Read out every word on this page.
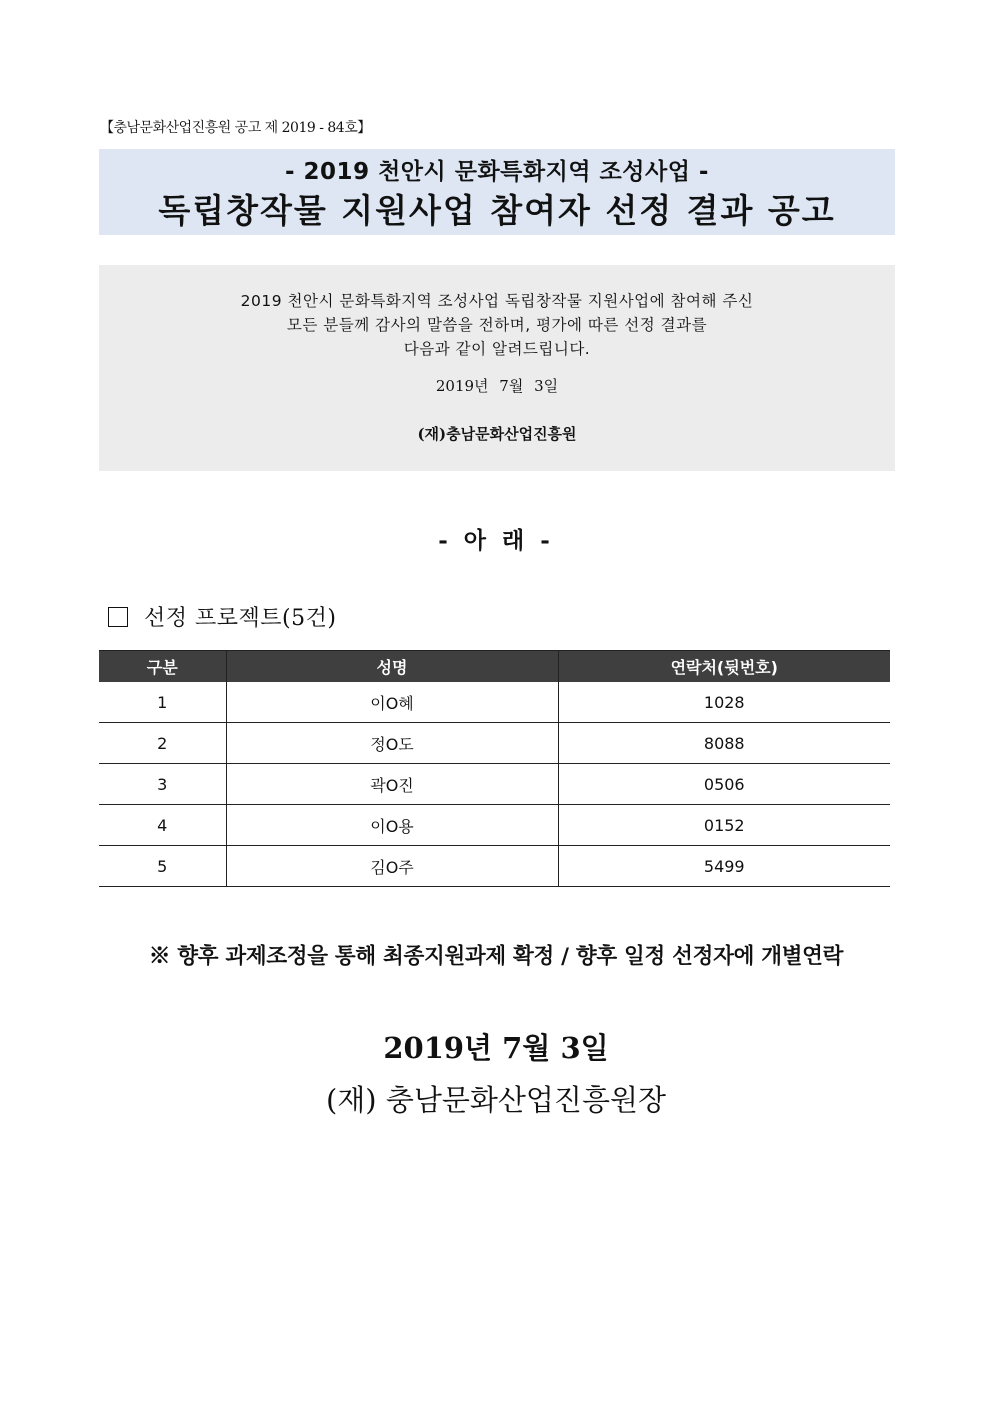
【충남문화산업진흥원 공고 제 2019 - 84호】
- 2019 천안시 문화특화지역 조성사업 -
독립창작물 지원사업 참여자 선정 결과 공고
2019 천안시 문화특화지역 조성사업 독립창작물 지원사업에 참여해 주신
모든 분들께 감사의 말씀을 전하며, 평가에 따른 선정 결과를
다음과 같이 알려드립니다.
2019년 7월 3일
(재)충남문화산업진흥원
- 아 래 -
선정 프로젝트(5건)
구분	성명	연락처(뒷번호)
1	이O혜	1028
2	정O도	8088
3	곽O진	0506
4	이O용	0152
5	김O주	5499
※ 향후 과제조정을 통해 최종지원과제 확정 / 향후 일정 선정자에 개별연락
2019년 7월 3일
(재) 충남문화산업진흥원장
